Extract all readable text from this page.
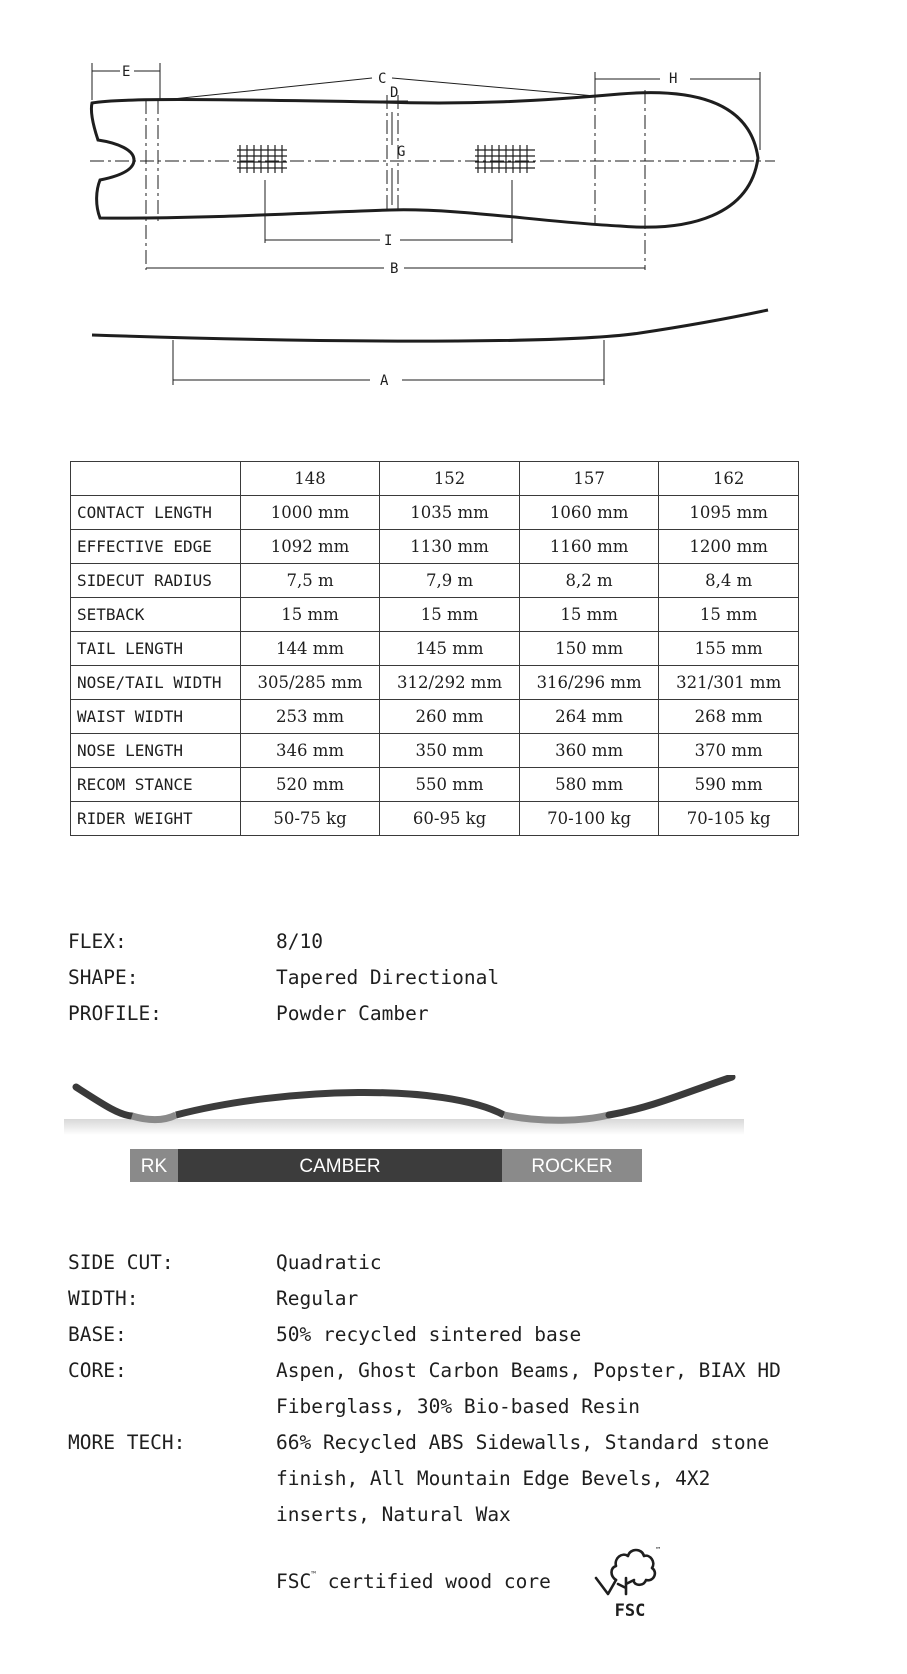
E	C
D
H
G
I
B
A
	148	152	157	162
CONTACT LENGTH	1000 mm	1035 mm	1060 mm	1095 mm
EFFECTIVE EDGE	1092 mm	1130 mm	1160 mm	1200 mm
SIDECUT RADIUS	7,5 m	7,9 m	8,2 m	8,4 m
SETBACK	15 mm	15 mm	15 mm	15 mm
TAIL LENGTH	144 mm	145 mm	150 mm	155 mm
NOSE/TAIL WIDTH	305/285 mm	312/292 mm	316/296 mm	321/301 mm
WAIST WIDTH	253 mm	260 mm	264 mm	268 mm
NOSE LENGTH	346 mm	350 mm	360 mm	370 mm
RECOM STANCE	520 mm	550 mm	580 mm	590 mm
RIDER WEIGHT	50-75 kg	60-95 kg	70-100 kg	70-105 kg
FLEX:	8/10
SHAPE:	Tapered Directional
PROFILE:	Powder Camber
RK	CAMBER	ROCKER
SIDE CUT:	Quadratic
WIDTH:	Regular
BASE:	50% recycled sintered base
CORE:	Aspen, Ghost Carbon Beams, Popster, BIAX HD
Fiberglass, 30% Bio-based Resin
MORE TECH:	66% Recycled ABS Sidewalls, Standard stone
finish, All Mountain Edge Bevels, 4X2
inserts, Natural Wax
FSC™ certified wood core
FSC
™
